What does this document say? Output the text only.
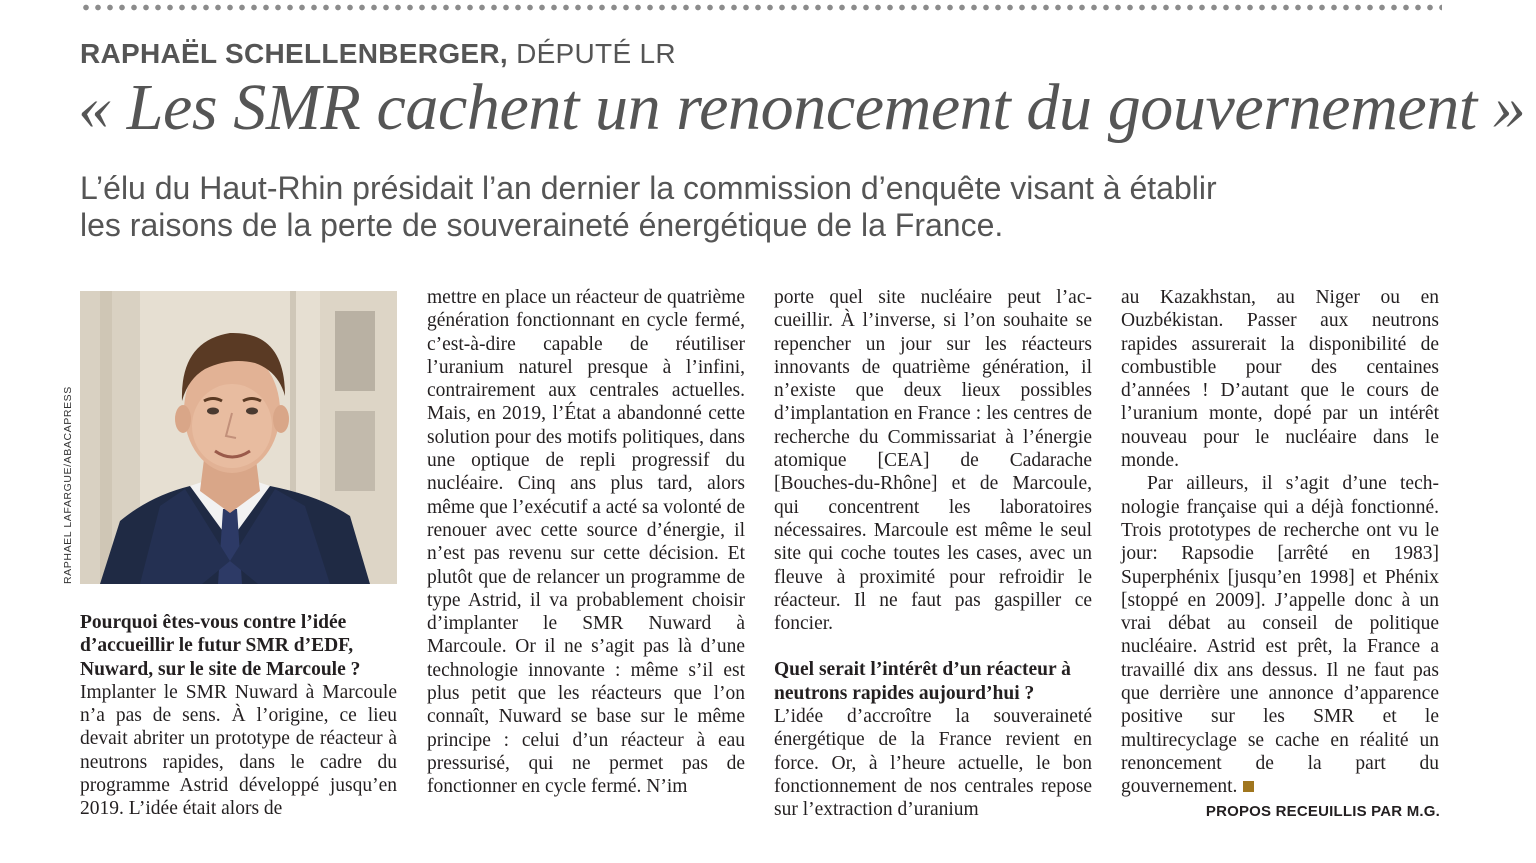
RAPHAËL SCHELLENBERGER, DÉPUTÉ LR
« Les SMR cachent un renoncement du gouvernement »
L’élu du Haut-Rhin présidait l’an dernier la commission d’enquête visant à établir
les raisons de la perte de souveraineté énergétique de la France.
RAPHAEL LAFARGUE/ABACAPRESS

Pourquoi êtes-vous contre l’idée d’accueillir le futur SMR d’EDF, Nuward, sur le site de Marcoule ?

Implanter le SMR Nuward à Marcoule n’a pas de sens. À l’origine, ce lieu devait abriter un prototype de réacteur à neutrons rapides, dans le cadre du programme Astrid développé jusqu’en 2019. L’idée était alors de

mettre en place un réacteur de quatrième génération fonctionnant en cycle fermé, c’est-à-dire capable de réutiliser l’uranium naturel presque à l’infini, contrairement aux centrales actuelles. Mais, en 2019, l’État a abandonné cette solution pour des motifs politiques, dans une optique de repli progressif du nucléaire. Cinq ans plus tard, alors même que l’exécutif a acté sa volonté de renouer avec cette source d’énergie, il n’est pas revenu sur cette décision. Et plutôt que de relancer un programme de type Astrid, il va probablement choisir d’implanter le SMR Nuward à Marcoule. Or il ne s’agit pas là d’une technologie innovante : même s’il est plus petit que les réacteurs que l’on connaît, Nuward se base sur le même principe : celui d’un réacteur à eau pressurisé, qui ne permet pas de fonctionner en cycle fermé. N’im

porte quel site nucléaire peut l’accueillir. À l’inverse, si l’on souhaite se repencher un jour sur les réacteurs innovants de quatrième génération, il n’existe que deux lieux possibles d’implantation en France : les centres de recherche du Commissariat à l’énergie atomique [CEA] de Cadarache [Bouches-du-Rhône] et de Marcoule, qui concentrent les laboratoires nécessaires. Marcoule est même le seul site qui coche toutes les cases, avec un fleuve à proximité pour refroidir le réacteur. Il ne faut pas gaspiller ce foncier.

Quel serait l’intérêt d’un réacteur à neutrons rapides aujourd’hui ?

L’idée d’accroître la souveraineté énergétique de la France revient en force. Or, à l’heure actuelle, le bon fonctionnement de nos centrales repose sur l’extraction d’uranium

au Kazakhstan, au Niger ou en Ouzbékistan. Passer aux neutrons rapides assurerait la disponibilité de combustible pour des centaines d’années ! D’autant que le cours de l’uranium monte, dopé par un intérêt nouveau pour le nucléaire dans le monde.

Par ailleurs, il s’agit d’une technologie française qui a déjà fonctionné. Trois prototypes de recherche ont vu le jour: Rapsodie [arrêté en 1983] Superphénix [jusqu’en 1998] et Phénix [stoppé en 2009]. J’appelle donc à un vrai débat au conseil de politique nucléaire. Astrid est prêt, la France a travaillé dix ans dessus. Il ne faut pas que derrière une annonce d’apparence positive sur les SMR et le multirecyclage se cache en réalité un renoncement de la part du gouvernement.

PROPOS RECEUILLIS PAR M.G.
